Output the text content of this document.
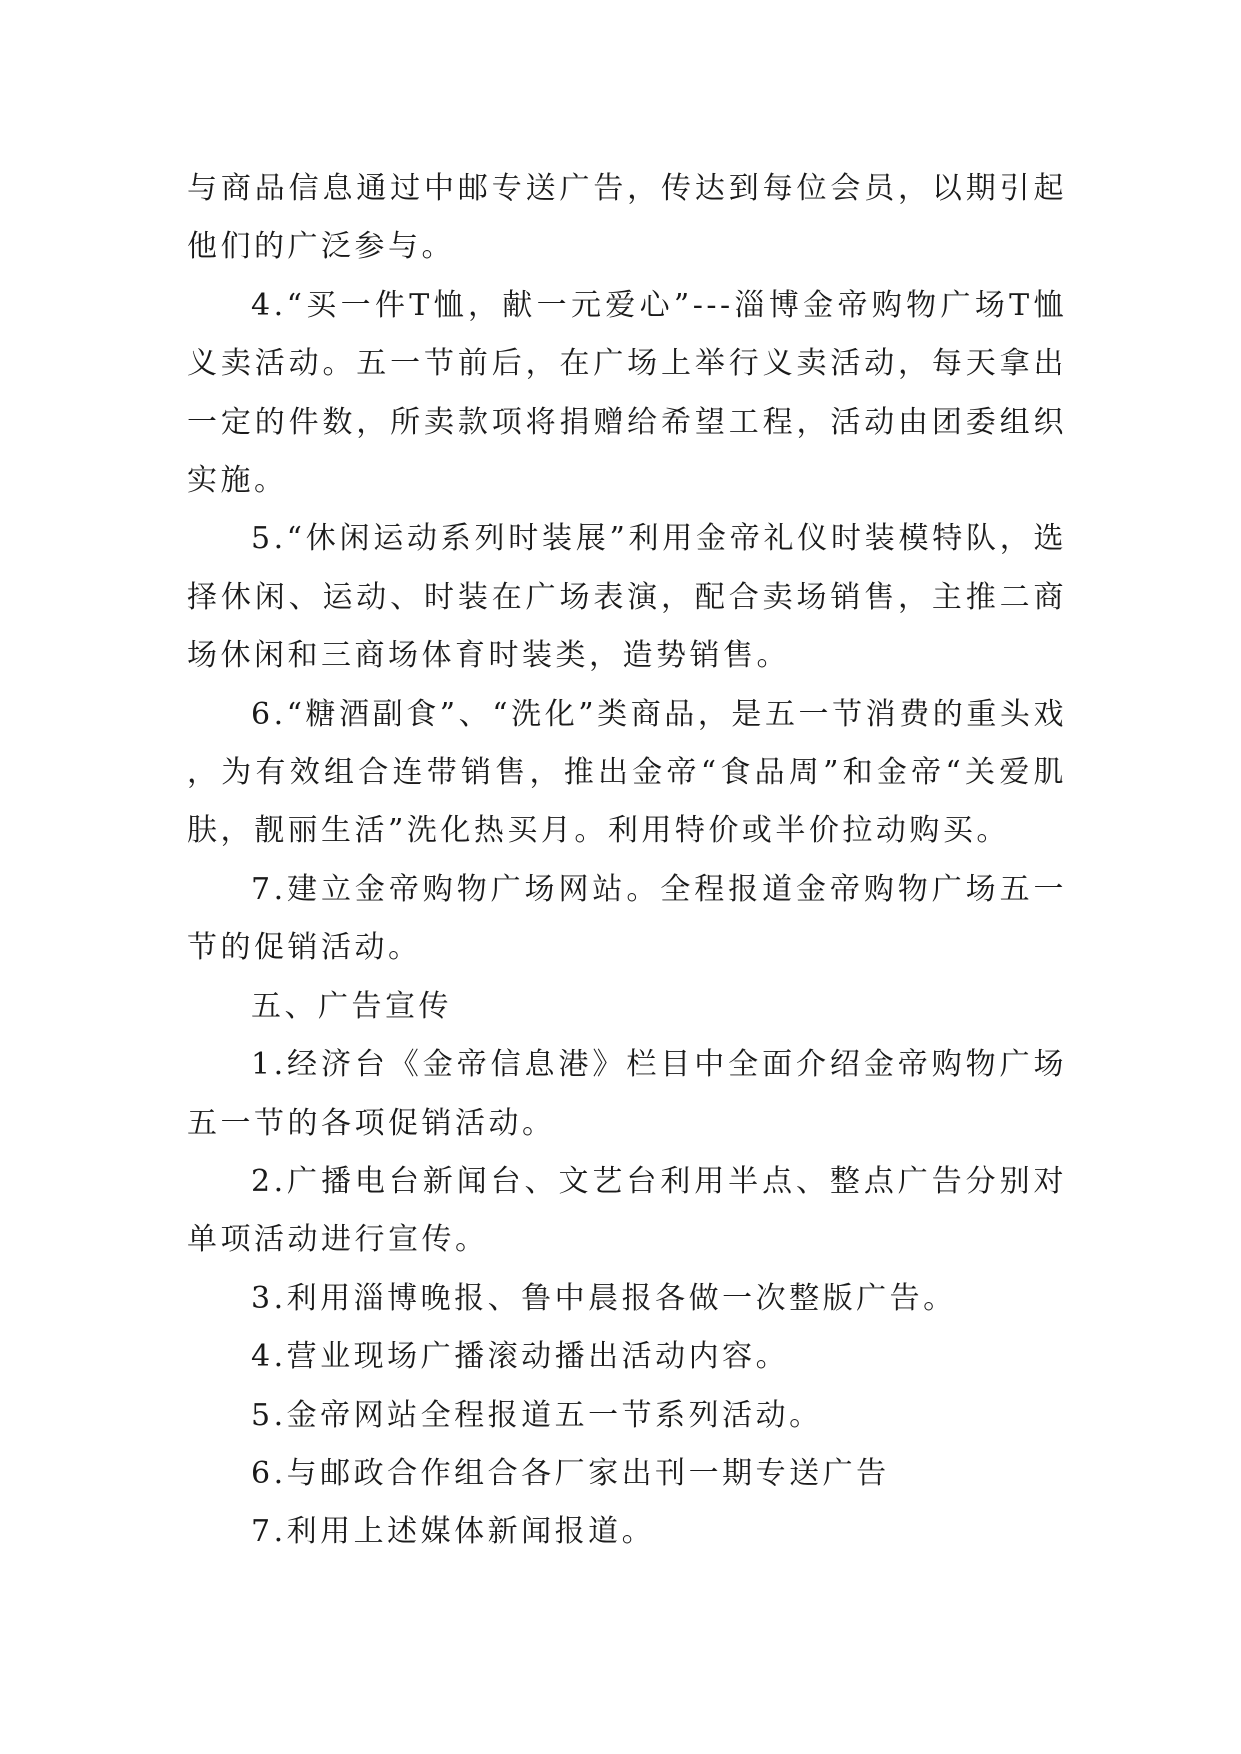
与商品信息通过中邮专送广告，传达到每位会员，以期引起他们的广泛参与。

4.“买一件T恤，献一元爱心”---淄博金帝购物广场T恤义卖活动。五一节前后，在广场上举行义卖活动，每天拿出一定的件数，所卖款项将捐赠给希望工程，活动由团委组织实施。

5.“休闲运动系列时装展”利用金帝礼仪时装模特队，选择休闲、运动、时装在广场表演，配合卖场销售，主推二商场休闲和三商场体育时装类，造势销售。

6.“糖酒副食”、“洗化”类商品，是五一节消费的重头戏，为有效组合连带销售，推出金帝“食品周”和金帝“关爱肌肤，靓丽生活”洗化热买月。利用特价或半价拉动购买。

7.建立金帝购物广场网站。全程报道金帝购物广场五一节的促销活动。

五、广告宣传

1.经济台《金帝信息港》栏目中全面介绍金帝购物广场五一节的各项促销活动。

2.广播电台新闻台、文艺台利用半点、整点广告分别对单项活动进行宣传。

3.利用淄博晚报、鲁中晨报各做一次整版广告。

4.营业现场广播滚动播出活动内容。

5.金帝网站全程报道五一节系列活动。

6.与邮政合作组合各厂家出刊一期专送广告

7.利用上述媒体新闻报道。
